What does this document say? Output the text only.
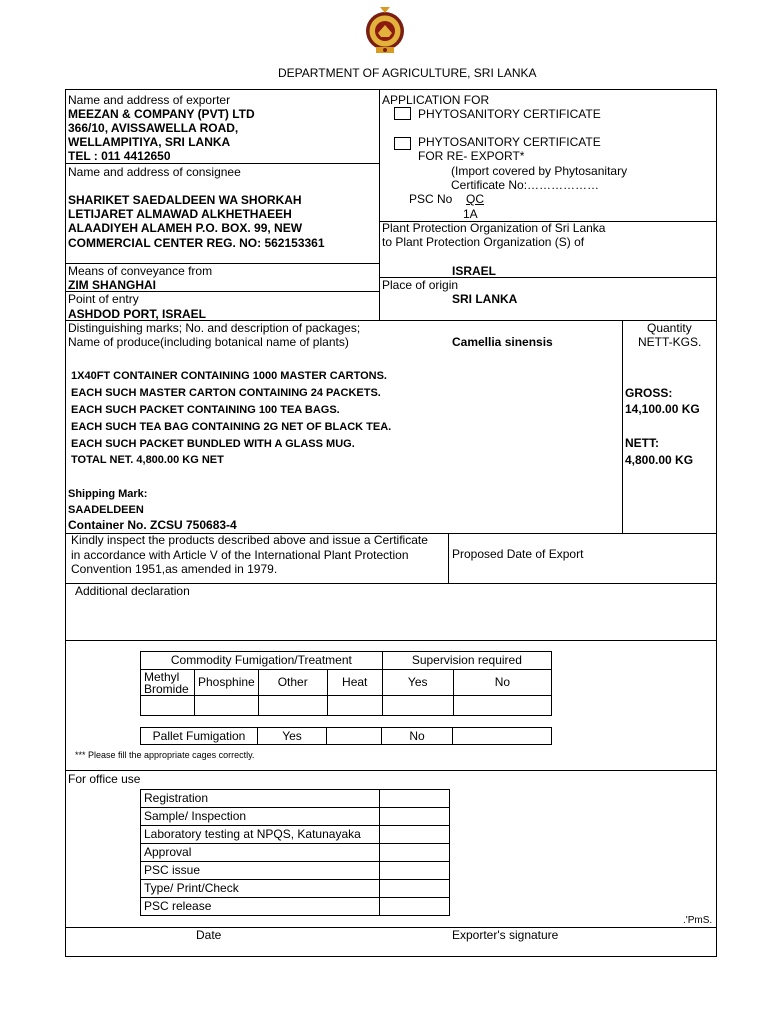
DEPARTMENT OF AGRICULTURE, SRI LANKA
Name and address of exporter
MEEZAN & COMPANY (PVT) LTD
366/10, AVISSAWELLA ROAD,
WELLAMPITIYA, SRI LANKA
TEL : 011 4412650
Name and address of consignee
SHARIKET SAEDALDEEN WA SHORKAH
LETIJARET ALMAWAD ALKHETHAEEH
ALAADIYEH ALAMEH P.O. BOX. 99, NEW
COMMERCIAL CENTER REG. NO: 562153361
APPLICATION FOR
PHYTOSANITORY CERTIFICATE
PHYTOSANITORY CERTIFICATE
FOR RE- EXPORT*
(Import covered by Phytosanitary
Certificate No:………………
PSC No QC
1A
Plant Protection Organization of Sri Lanka
to Plant Protection Organization (S) of
ISRAEL
Means of conveyance from
ZIM SHANGHAI	Place of origin
SRI LANKA
Point of entry
ASHDOD PORT, ISRAEL
Distinguishing marks; No. and description of packages;
Name of produce(including botanical name of plants)	Camellia sinensis
1X40FT CONTAINER CONTAINING 1000 MASTER CARTONS.
EACH SUCH MASTER CARTON CONTAINING 24 PACKETS.
EACH SUCH PACKET CONTAINING 100 TEA BAGS.
EACH SUCH TEA BAG CONTAINING 2G NET OF BLACK TEA.
EACH SUCH PACKET BUNDLED WITH A GLASS MUG.
TOTAL NET. 4,800.00 KG NET
Shipping Mark:
SAADELDEEN
Container No. ZCSU 750683-4
Quantity
NETT-KGS.
GROSS:
14,100.00 KG
NETT:
4,800.00 KG
Kindly inspect the products described above and issue a Certificate
in accordance with Article V of the International Plant Protection
Convention 1951,as amended in 1979.
Proposed Date of Export
Additional declaration
Commodity Fumigation/Treatment				Supervision required	
Methyl
Bromide	Phosphine	Other	Heat	Yes	No

Pallet Fumigation	Yes		No	
*** Please fill the appropriate cages correctly.
For office use
Registration	
Sample/ Inspection	
Laboratory testing at NPQS, Katunayaka	
Approval	
PSC issue	
Type/ Print/Check	
PSC release	
.'PmS.
Date	Exporter's signature
